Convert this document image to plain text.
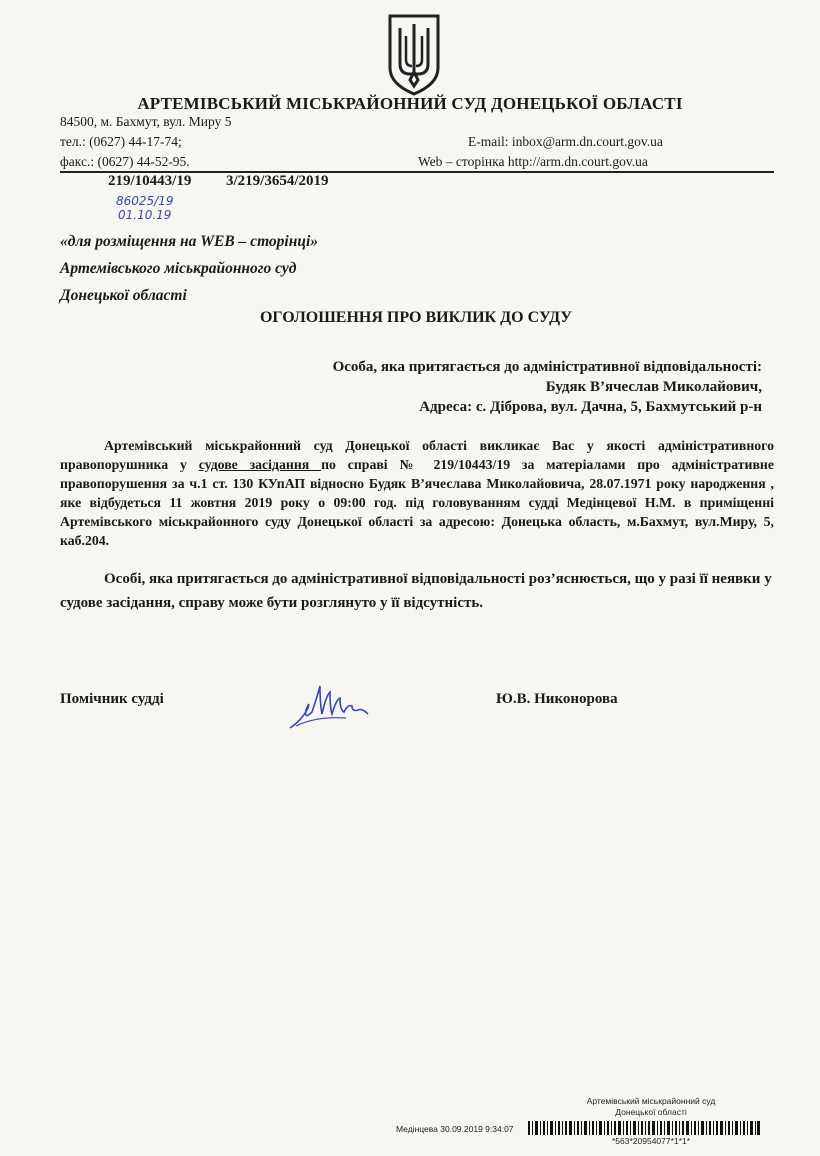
АРТЕМІВСЬКИЙ МІСЬКРАЙОННИЙ СУД ДОНЕЦЬКОЇ ОБЛАСТІ
84500, м. Бахмут, вул. Миру 5
тел.: (0627) 44-17-74;
факс.: (0627) 44-52-95.
E-mail: inbox@arm.dn.court.gov.ua
Web – сторінка http://arm.dn.court.gov.ua
219/10443/19 3/219/3654/2019
86025/19
01.10.19
«для розміщення на WEB – сторінці»
Артемівського міськрайонного суд
Донецької області
ОГОЛОШЕННЯ ПРО ВИКЛИК ДО СУДУ
Особа, яка притягається до адміністративної відповідальності:
Будяк В’ячеслав Миколайович,
Адреса: с. Діброва, вул. Дачна, 5, Бахмутський р-н
Артемівський міськрайонний суд Донецької області викликає Вас у якості адміністративного правопорушника у судове засідання по справі № 219/10443/19 за матеріалами про адміністративне правопорушення за ч.1 ст. 130 КУпАП відносно Будяк В’ячеслава Миколайовича, 28.07.1971 року народження , яке відбудеться 11 жовтня 2019 року о 09:00 год. під головуванням судді Медінцевої Н.М. в приміщенні Артемівського міськрайонного суду Донецької області за адресою: Донецька область, м.Бахмут, вул.Миру, 5, каб.204.
Особі, яка притягається до адміністративної відповідальності роз’яснюється, що у разі її неявки у судове засідання, справу може бути розглянуто у її відсутність.
Помічник судді	Ю.В. Никонорова
Артемівський міськрайонний суд
Донецької області
Медінцева 30.09.2019 9:34:07
*563*20954077*1*1*
